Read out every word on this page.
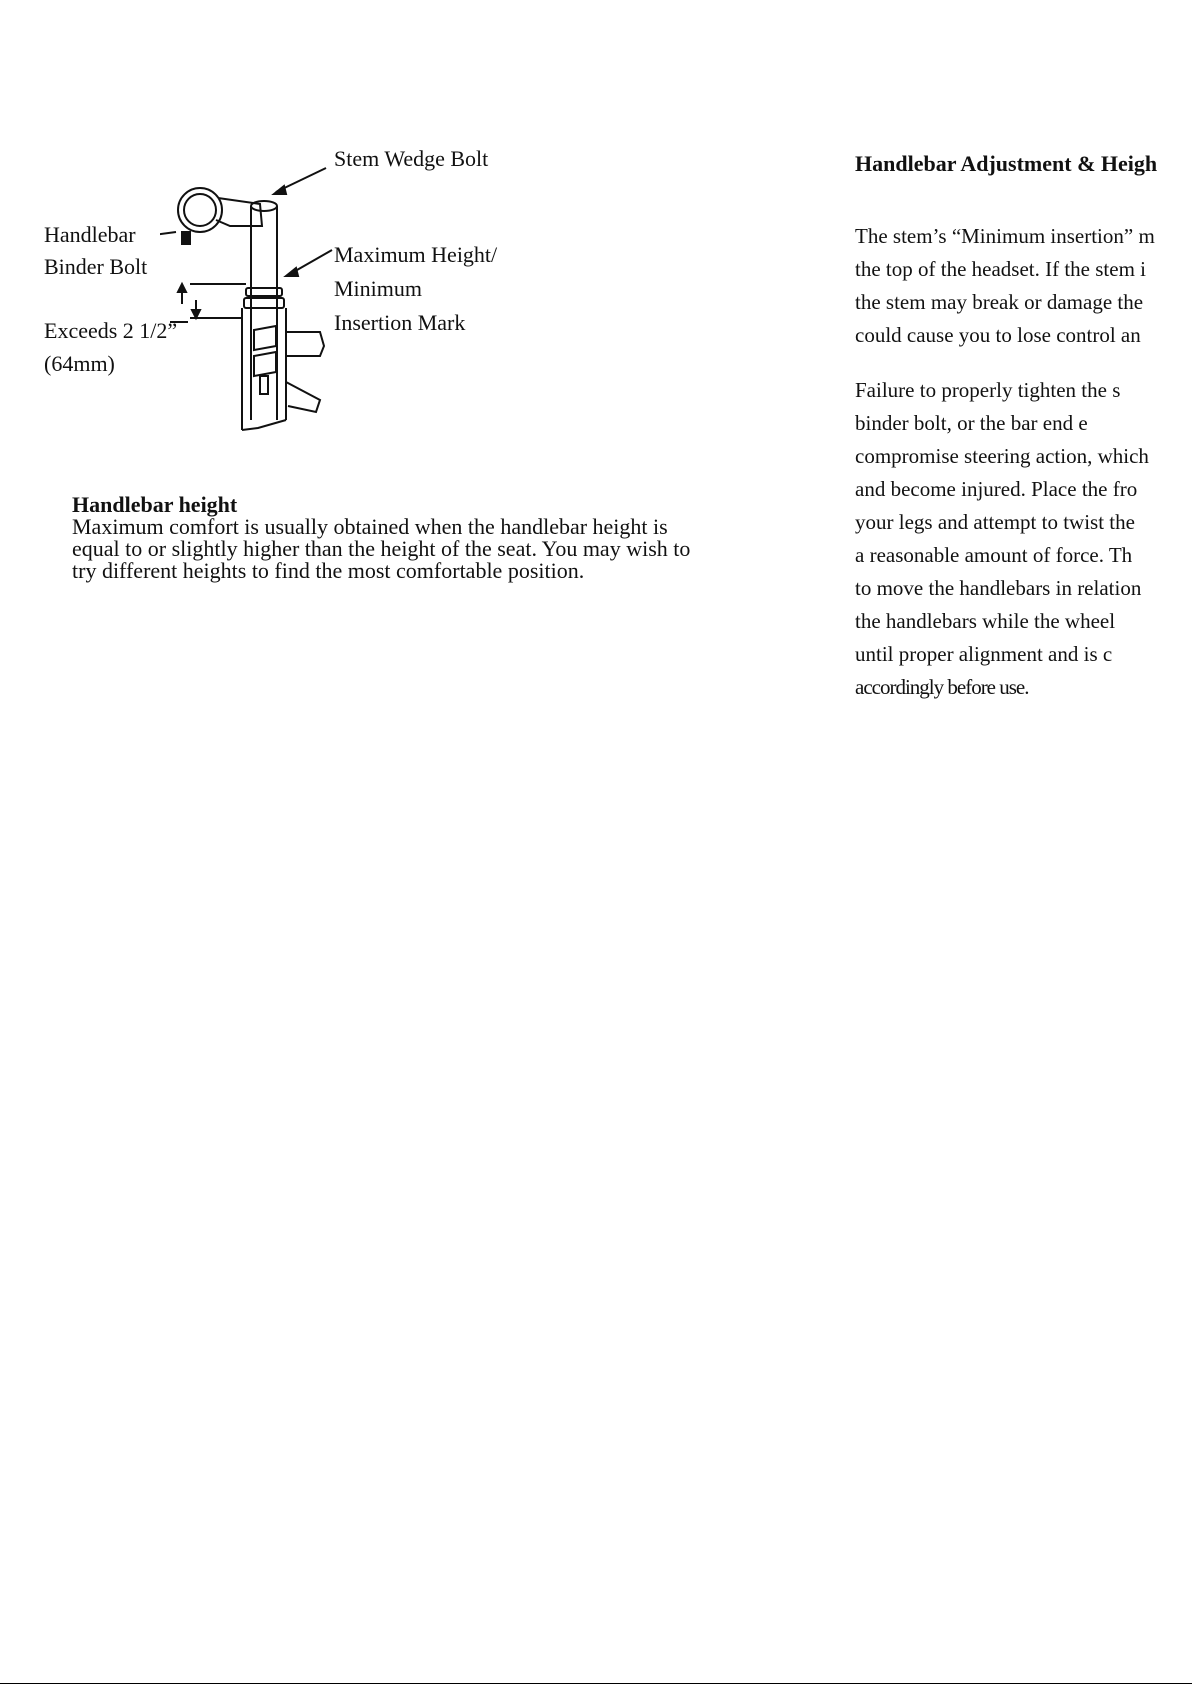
Stem Wedge Bolt
Handlebar
Binder Bolt	Maximum Height/
Minimum
Insertion Mark
Exceeds 2 1/2”
(64mm)
Handlebar height
Maximum comfort is usually obtained when the handlebar height is
equal to or slightly higher than the height of the seat. You may wish to
try different heights to find the most comfortable position.
Handlebar Adjustment & Heigh
The stem’s “Minimum insertion” m
the top of the headset. If the stem i
the stem may break or damage the
could cause you to lose control an
Failure to properly tighten the s
binder bolt, or the bar end e
compromise steering action, which
and become injured. Place the fro
your legs and attempt to twist the
a reasonable amount of force. Th
to move the handlebars in relation
the handlebars while the wheel
until proper alignment and is c
accordingly before use.
